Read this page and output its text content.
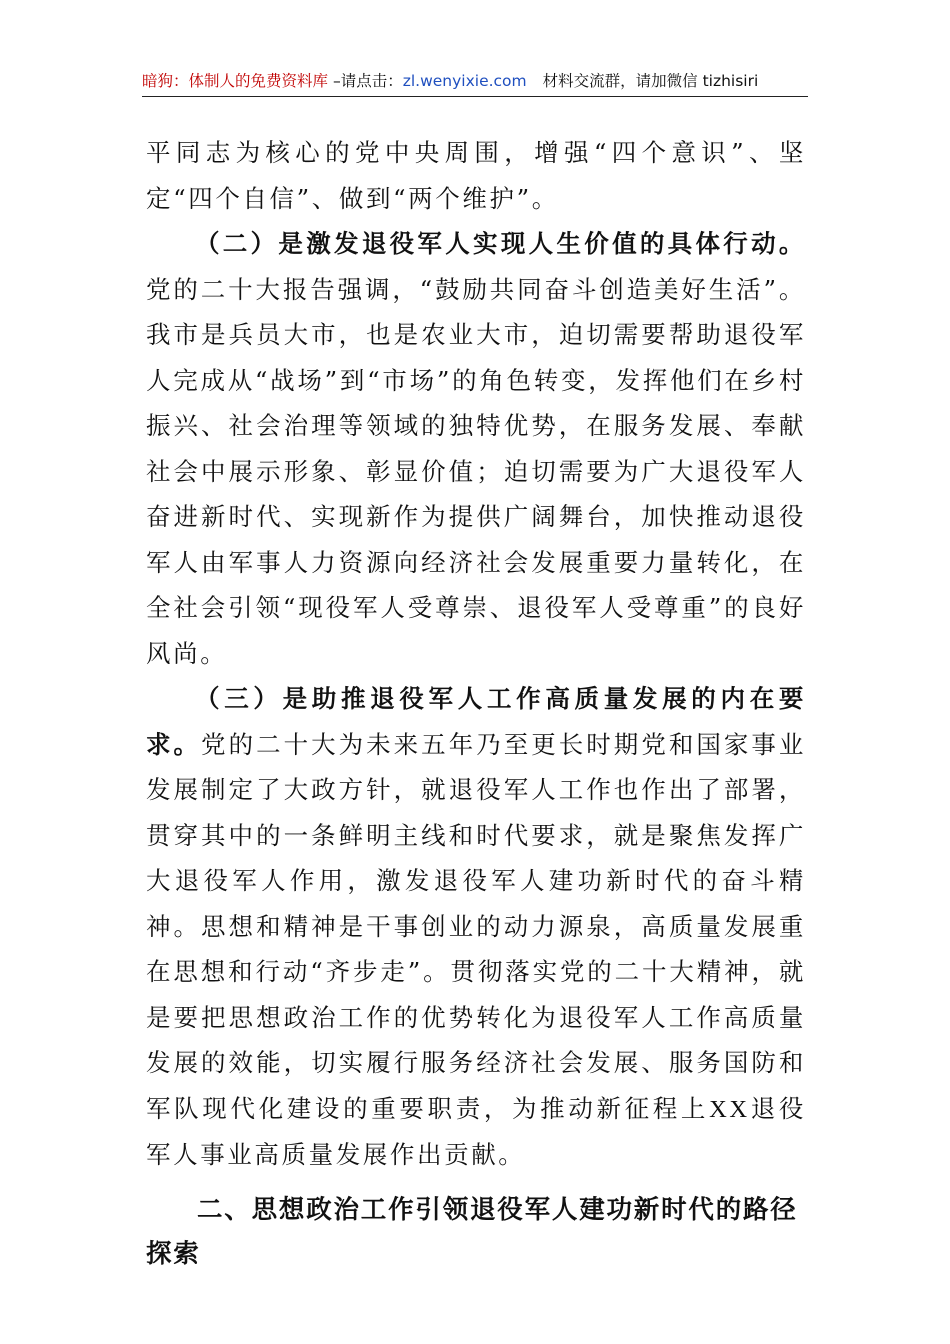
暗狗：体制人的免费资料库 –请点击：zl.wenyixie.com 材料交流群，请加微信 tizhisiri

平同志为核心的党中央周围，增强“四个意识”、坚定“四个自信”、做到“两个维护”。

（二）是激发退役军人实现人生价值的具体行动。党的二十大报告强调，“鼓励共同奋斗创造美好生活”。我市是兵员大市，也是农业大市，迫切需要帮助退役军人完成从“战场”到“市场”的角色转变，发挥他们在乡村振兴、社会治理等领域的独特优势，在服务发展、奉献社会中展示形象、彰显价值；迫切需要为广大退役军人奋进新时代、实现新作为提供广阔舞台，加快推动退役军人由军事人力资源向经济社会发展重要力量转化，在全社会引领“现役军人受尊崇、退役军人受尊重”的良好风尚。

（三）是助推退役军人工作高质量发展的内在要求。党的二十大为未来五年乃至更长时期党和国家事业发展制定了大政方针，就退役军人工作也作出了部署，贯穿其中的一条鲜明主线和时代要求，就是聚焦发挥广大退役军人作用，激发退役军人建功新时代的奋斗精神。思想和精神是干事创业的动力源泉，高质量发展重在思想和行动“齐步走”。贯彻落实党的二十大精神，就是要把思想政治工作的优势转化为退役军人工作高质量发展的效能，切实履行服务经济社会发展、服务国防和军队现代化建设的重要职责，为推动新征程上XX退役军人事业高质量发展作出贡献。

二、思想政治工作引领退役军人建功新时代的路径探索
